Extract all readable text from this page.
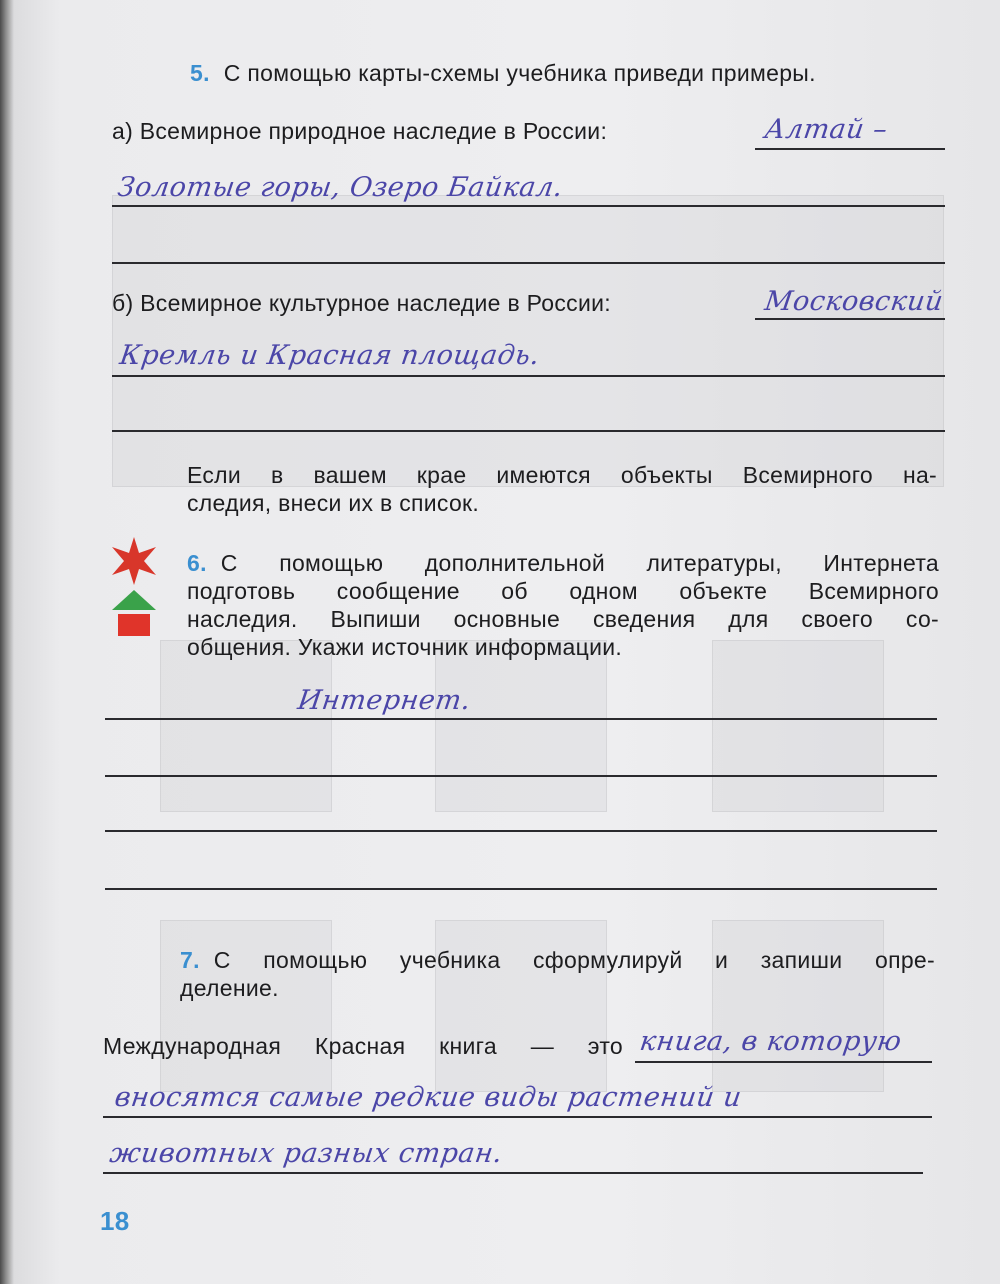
5. С помощью карты-схемы учебника приведи примеры.
а) Всемирное природное наследие в России:	Алтай –
Золотые горы, Озеро Байкал.
б) Всемирное культурное наследие в России:	Московский
Кремль и Красная площадь.
Если в вашем крае имеются объекты Всемирного на-
следия, внеси их в список.
6. С помощью дополнительной литературы, Интернета
подготовь сообщение об одном объекте Всемирного
наследия. Выпиши основные сведения для своего со-
общения. Укажи источник информации.
Интернет.
7. С помощью учебника сформулируй и запиши опре-
деление.
Международная Красная книга — это книга, в которую
вносятся самые редкие виды растений и
животных разных стран.
18
